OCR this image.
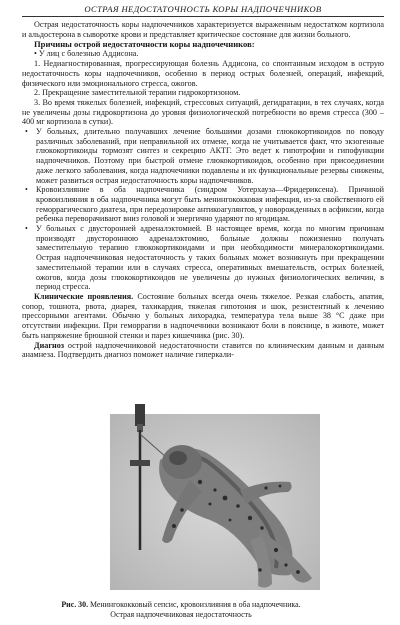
ОСТРАЯ НЕДОСТАТОЧНОСТЬ КОРЫ НАДПОЧЕЧНИКОВ

Острая недостаточность коры надпочечников характеризуется выраженным недостатком кортизола и альдостерона в сыворотке крови и представляет критическое состояние для жизни больного.

Причины острой недостаточности коры надпочечников:

• У лиц с болезнью Аддисона.

1. Недиагностированная, прогрессирующая болезнь Аддисона, со спонтанным исходом в острую недостаточность коры надпочечников, особенно в период острых болезней, операций, инфекций, физического или эмоционального стресса, ожогов.

2. Прекращение заместительной терапии гидрокортизоном.

3. Во время тяжелых болезней, инфекций, стрессовых ситуаций, дегидратации, в тех случаях, когда не увеличены дозы гидрокортизона до уровня физиологической потребности во время стресса (300 – 400 мг кортизола в сутки).

• У больных, длительно получавших лечение большими дозами глюкокортикоидов по поводу различных заболеваний, при неправильной их отмене, когда не учитывается факт, что экзогенные глюкокортикоиды тормозят синтез и секрецию АКТГ. Это ведет к гипотрофии и гипофункции надпочечников. Поэтому при быстрой отмене глюкокортикоидов, особенно при присоединении даже легкого заболевания, когда надпочечники подавлены и их функциональные резервы снижены, может развиться острая недостаточность коры надпочечников.

• Кровоизлияние в оба надпочечника (синдром Уотерхауза—Фридериксена). Причиной кровоизлияния в оба надпочечника могут быть менингококковая инфекция, из-за свойственного ей геморрагического диатеза, при передозировке антикоагулянтов, у новорожденных в асфиксии, когда ребенка переворачивают вниз головой и энергично ударяют по ягодицам.

• У больных с двусторонней адреналэктомией. В настоящее время, когда по многим причинам производят двустороннюю адреналэктомию, больные должны пожизненно получать заместительную терапию глюкокортикоидами и при необходимости минералокортикоидами. Острая надпочечниковая недостаточность у таких больных может возникнуть при прекращении заместительной терапии или в случаях стресса, оперативных вмешательств, острых болезней, ожогов, когда дозы глюкокортикоидов не увеличены до нужных физиологических величин, в период стресса.

Клинические проявления. Состояние больных всегда очень тяжелое. Резкая слабость, апатия, сопор, тошнота, рвота, диарея, тахикардия, тяжелая гипотония и шок, резистентный к лечению прессорными агентами. Обычно у больных лихорадка, температура тела выше 38 °С даже при отсутствии инфекции. При геморрагии в надпочечники возникают боли в пояснице, в животе, может быть напряжение брюшной стенки и парез кишечника (рис. 30).

Диагноз острой надпочечниковой недостаточности ставится по клиническим данным и данным анамнеза. Подтвердить диагноз поможет наличие гиперкали-

Рис. 30. Менингококковый сепсис, кровоизлияния в оба надпочечника.
Острая надпочечниковая недостаточность
